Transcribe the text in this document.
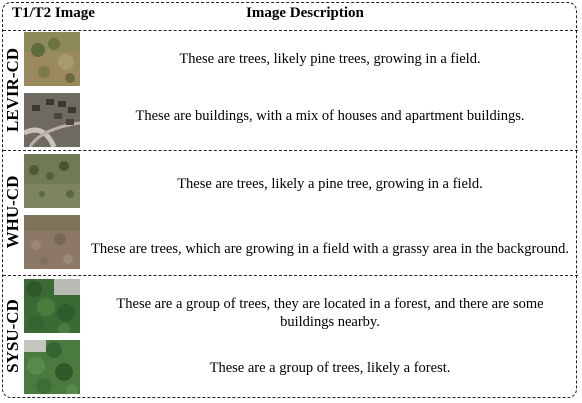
T1/T2 Image	Image Description
LEVIR-CD
WHU-CD
SYSU-CD
These are trees, likely pine trees, growing in a field.
These are buildings, with a mix of houses and apartment buildings.
These are trees, likely a pine tree, growing in a field.
These are trees, which are growing in a field with a grassy area in the background.
These are a group of trees, they are located in a forest, and there are some buildings nearby.
These are a group of trees, likely a forest.
